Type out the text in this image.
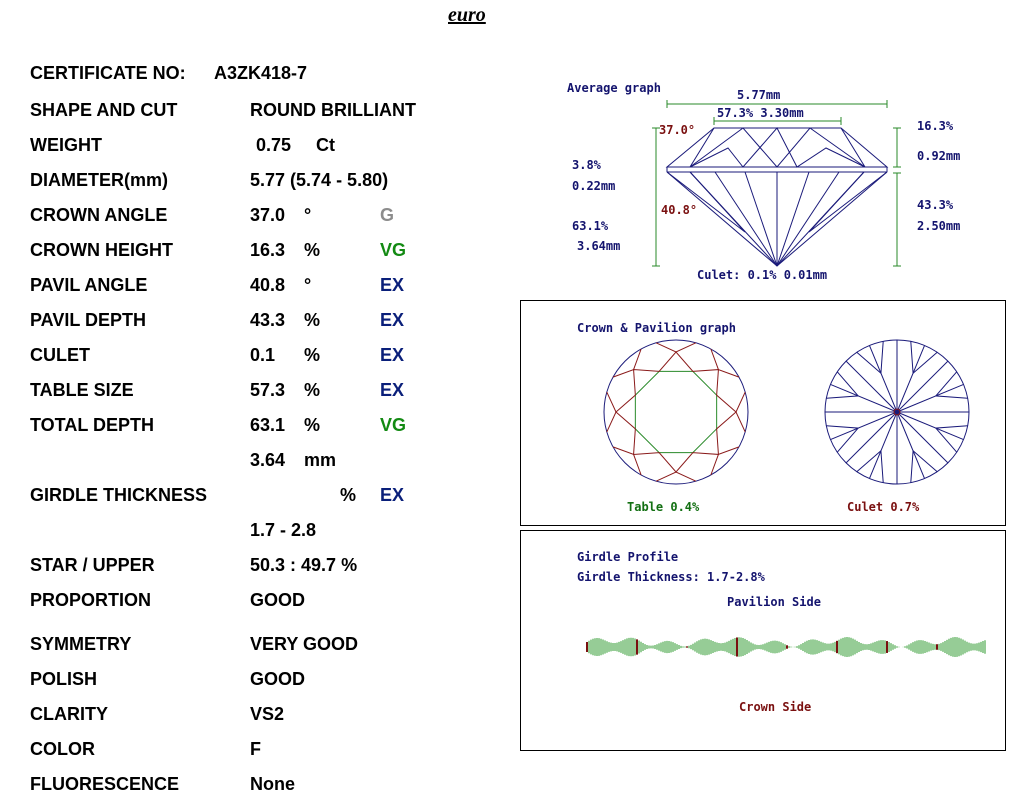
euro
CERTIFICATE NO: A3ZK418-7
SHAPE AND CUT	ROUND BRILLIANT
WEIGHT	0.75 Ct
DIAMETER(mm)	5.77 (5.74 - 5.80)
CROWN ANGLE	37.0 °	G
CROWN HEIGHT	16.3 %	VG
PAVIL ANGLE	40.8 °	EX
PAVIL DEPTH	43.3 %	EX
CULET	0.1 %	EX
TABLE SIZE	57.3 %	EX
TOTAL DEPTH	63.1 %	VG
3.64 mm
GIRDLE THICKNESS	% EX
1.7 - 2.8
STAR / UPPER	50.3 : 49.7 %
PROPORTION	GOOD
SYMMETRY	VERY GOOD
POLISH	GOOD
CLARITY	VS2
COLOR	F
FLUORESCENCE	None
Average graph	5.77mm
57.3% 3.30mm
37.0°	16.3%
0.92mm
3.8%
0.22mm
40.8°	43.3%
2.50mm
63.1%
3.64mm
Culet: 0.1% 0.01mm
Crown & Pavilion graph
Table 0.4%	Culet 0.7%
Girdle Profile
Girdle Thickness: 1.7-2.8%
Pavilion Side
Crown Side
